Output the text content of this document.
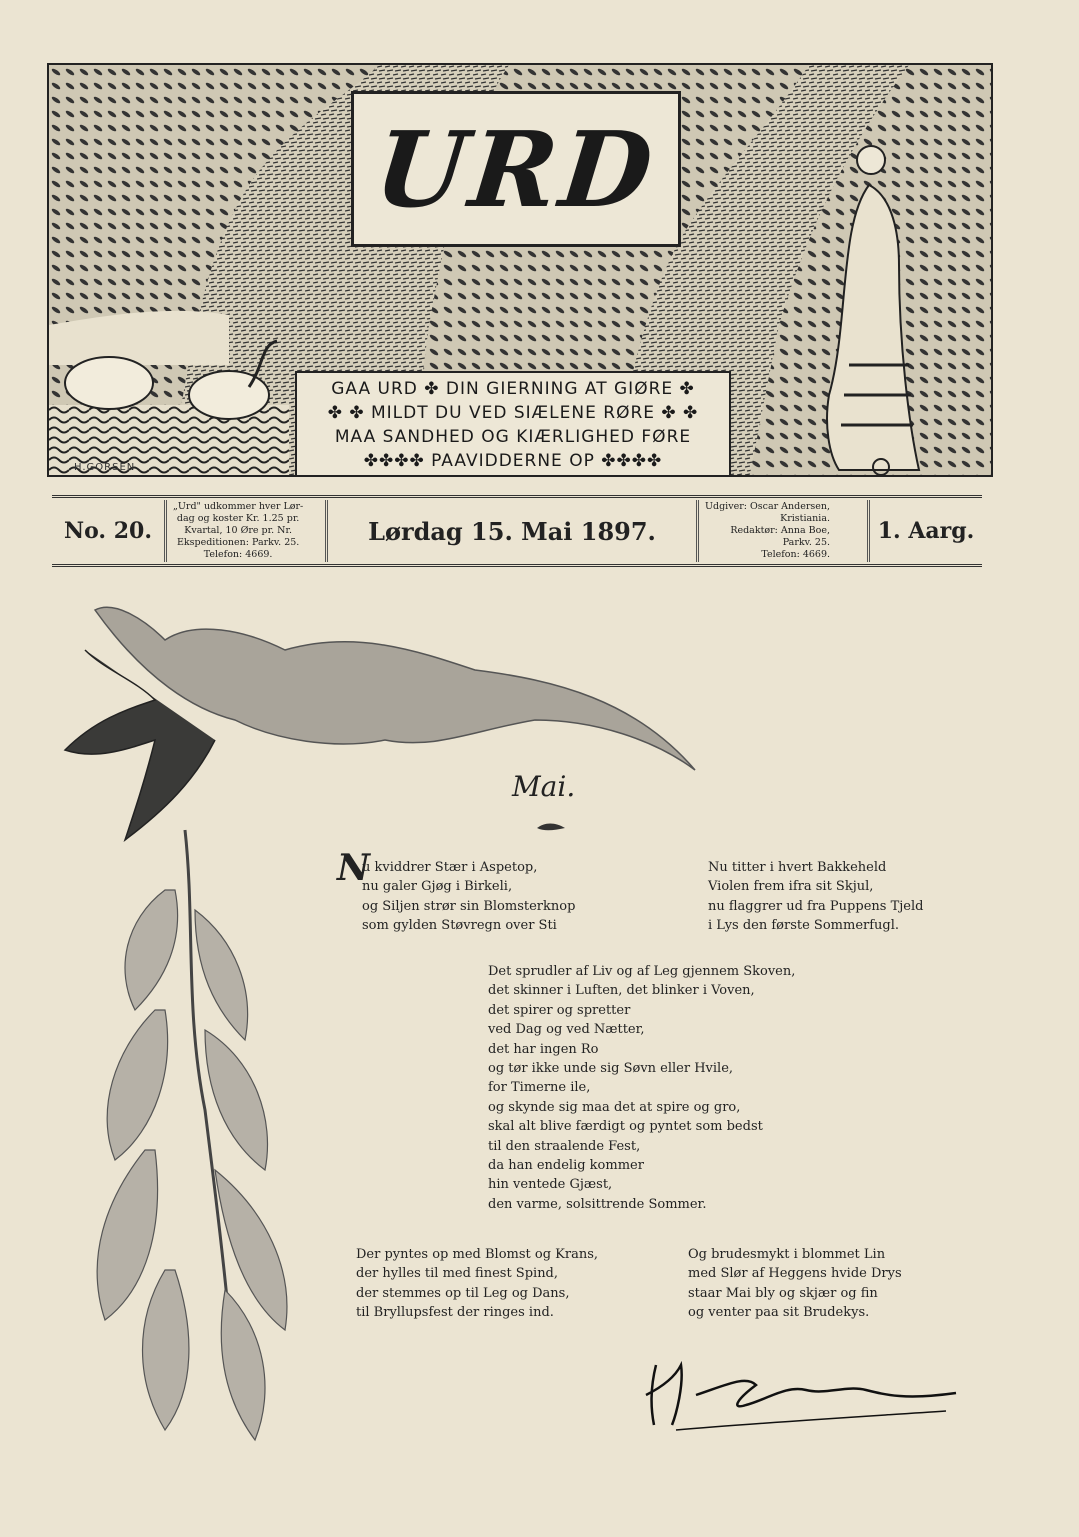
URD
GAA URD ✤ DIN GIERNING AT GIØRE ✤
✤ ✤ MILDT DU VED SIÆLENE RØRE ✤ ✤
MAA SANDHED OG KIÆRLIGHED FØRE
✤✤✤✤ PAAVIDDERNE OP ✤✤✤✤
H.GORSEN
No. 20.
„Urd" udkommer hver Lør-
dag og koster Kr. 1.25 pr.
Kvartal, 10 Øre pr. Nr.
Ekspeditionen: Parkv. 25.
Telefon: 4669.
Lørdag 15. Mai 1897.
Udgiver: Oscar Andersen,
Kristiania.
Redaktør: Anna Boe,
Parkv. 25.
Telefon: 4669.
1. Aarg.
Mai.
N
u kviddrer Stær i Aspetop,
nu galer Gjøg i Birkeli,
og Siljen strør sin Blomsterknop
som gylden Støvregn over Sti
Nu titter i hvert Bakkeheld
Violen frem ifra sit Skjul,
nu flaggrer ud fra Puppens Tjeld
i Lys den første Sommerfugl.
Det sprudler af Liv og af Leg gjennem Skoven,
det skinner i Luften, det blinker i Voven,
det spirer og spretter
ved Dag og ved Nætter,
det har ingen Ro
og tør ikke unde sig Søvn eller Hvile,
for Timerne ile,
og skynde sig maa det at spire og gro,
skal alt blive færdigt og pyntet som bedst
til den straalende Fest,
da han endelig kommer
hin ventede Gjæst,
den varme, solsittrende Sommer.
Der pyntes op med Blomst og Krans,
der hylles til med finest Spind,
der stemmes op til Leg og Dans,
til Bryllupsfest der ringes ind.
Og brudesmykt i blommet Lin
med Slør af Heggens hvide Drys
staar Mai bly og skjær og fin
og venter paa sit Brudekys.
